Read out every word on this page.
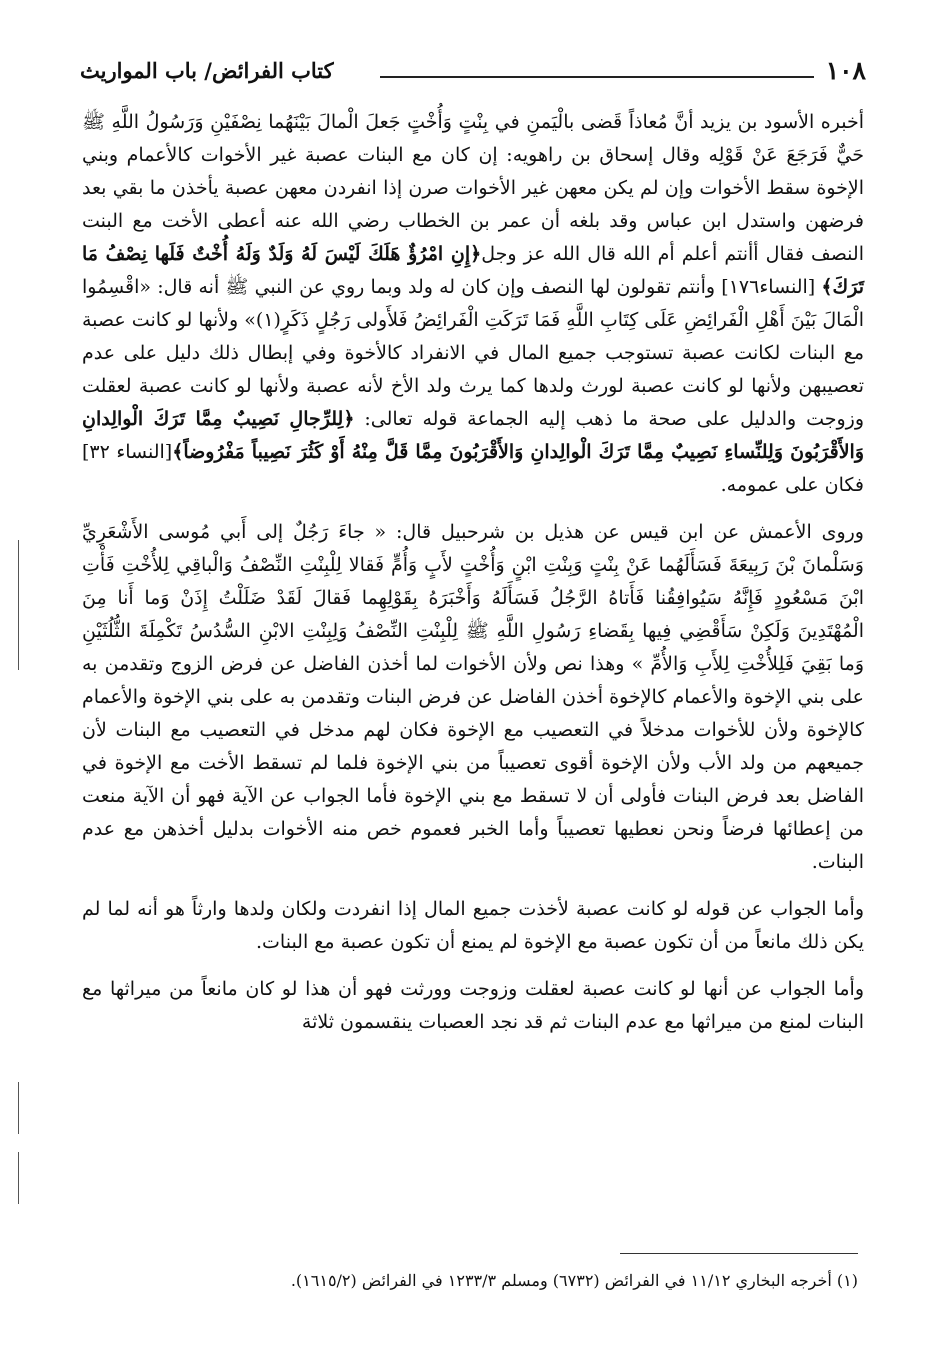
١٠٨
كتاب الفرائض/ باب المواريث

أخبره الأسود بن يزيد أنَّ مُعاذاً قَضى بالْيَمنِ في بِنْتٍ وَأُخْتٍ جَعلَ الْمالَ بَيْنَهُما نِصْفَيْنِ وَرَسُولُ اللَّهِ ﷺ حَيٌّ فَرَجَعَ عَنْ قَوْلِه وقال إسحاق بن راهويه: إن كان مع البنات عصبة غير الأخوات كالأعمام وبني الإخوة سقط الأخوات وإن لم يكن معهن غير الأخوات صرن إذا انفردن معهن عصبة يأخذن ما بقي بعد فرضهن واستدل ابن عباس وقد بلغه أن عمر بن الخطاب رضي الله عنه أعطى الأخت مع البنت النصف فقال أأنتم أعلم أم الله قال الله عز وجل﴿إِنِ امْرُؤٌ هَلَكَ لَيْسَ لَهُ وَلَدٌ وَلَهُ أُخْتٌ فَلَها نِصْفُ مَا تَرَكَ﴾ [النساء١٧٦] وأنتم تقولون لها النصف وإن كان له ولد وبما روي عن النبي ﷺ أنه قال: «اقْسِمُوا الْمَالَ بَيْنَ أَهْلِ الْفَرائِضِ عَلَى كِتَابِ اللَّهِ فَمَا تَرَكَتِ الْفَرائِضُ فَلأَولى رَجُلٍ ذَكَرٍ(١)» ولأنها لو كانت عصبة مع البنات لكانت عصبة تستوجب جميع المال في الانفراد كالأخوة وفي إبطال ذلك دليل على عدم تعصيبهن ولأنها لو كانت عصبة لورث ولدها كما يرث ولد الأخ لأنه عصبة ولأنها لو كانت عصبة لعقلت وزوجت والدليل على صحة ما ذهب إليه الجماعة قوله تعالى: ﴿لِلرِّجالِ نَصِيبٌ مِمَّا تَرَكَ الْوالِدانِ وَالأَقْرَبُونَ وَلِلنِّساءِ نَصِيبٌ مِمَّا تَرَكَ الْوالِدانِ وَالأَقْرَبُونَ مِمَّا قَلَّ مِنْهُ أَوْ كَثُرَ نَصِيباً مَفْرُوضاً﴾[النساء ٣٢] فكان على عمومه.

وروى الأعمش عن ابن قيس عن هذيل بن شرحبيل قال: « جاءَ رَجُلٌ إلى أَبي مُوسى الأَشْعَرِيِّ وَسَلْمانَ بْنَ رَبِيعَةَ فَسَأَلَهُما عَنْ بِنْتٍ وَبِنْتِ ابْنٍ وَأُخْتٍ لأَبٍ وَأُمٍّ فَقالا لِلْبِنْتِ النِّصْفُ وَالْباقِي لِلأُخْتِ فَأْتِ ابْنَ مَسْعُودٍ فَإِنَّهُ سَيُوافِقُنا فَأَتاهُ الرَّجُلُ فَسَأَلَهُ وَأَخْبَرَهُ بِقَوْلِهِما فَقالَ لَقَدْ ضَلَلْتُ إِذَنْ وَما أَنا مِنَ الْمُهْتَدِينَ وَلَكِنْ سَأَقْضِي فِيها بِقَضاءِ رَسُولِ اللَّهِ ﷺ لِلْبِنْتِ النِّصْفُ وَلِبِنْتِ الابْنِ السُّدُسُ تَكْمِلَةَ الثُّلُثَيْنِ وَما بَقِيَ فَلِلأُخْتِ لِلأَبِ وَالأُمِّ » وهذا نص ولأن الأخوات لما أخذن الفاضل عن فرض الزوج وتقدمن به على بني الإخوة والأعمام كالإخوة أخذن الفاضل عن فرض البنات وتقدمن به على بني الإخوة والأعمام كالإخوة ولأن للأخوات مدخلاً في التعصيب مع الإخوة فكان لهم مدخل في التعصيب مع البنات لأن جميعهم من ولد الأب ولأن الإخوة أقوى تعصيباً من بني الإخوة فلما لم تسقط الأخت مع الإخوة في الفاضل بعد فرض البنات فأولى أن لا تسقط مع بني الإخوة فأما الجواب عن الآية فهو أن الآية منعت من إعطائها فرضاً ونحن نعطيها تعصيباً وأما الخبر فعموم خص منه الأخوات بدليل أخذهن مع عدم البنات.

وأما الجواب عن قوله لو كانت عصبة لأخذت جميع المال إذا انفردت ولكان ولدها وارثاً هو أنه لما لم يكن ذلك مانعاً من أن تكون عصبة مع الإخوة لم يمنع أن تكون عصبة مع البنات.

وأما الجواب عن أنها لو كانت عصبة لعقلت وزوجت وورثت فهو أن هذا لو كان مانعاً من ميراثها مع البنات لمنع من ميراثها مع عدم البنات ثم قد نجد العصبات ينقسمون ثلاثة

(١) أخرجه البخاري ١١/١٢ في الفرائض (٦٧٣٢) ومسلم ١٢٣٣/٣ في الفرائض (١٦١٥/٢).
